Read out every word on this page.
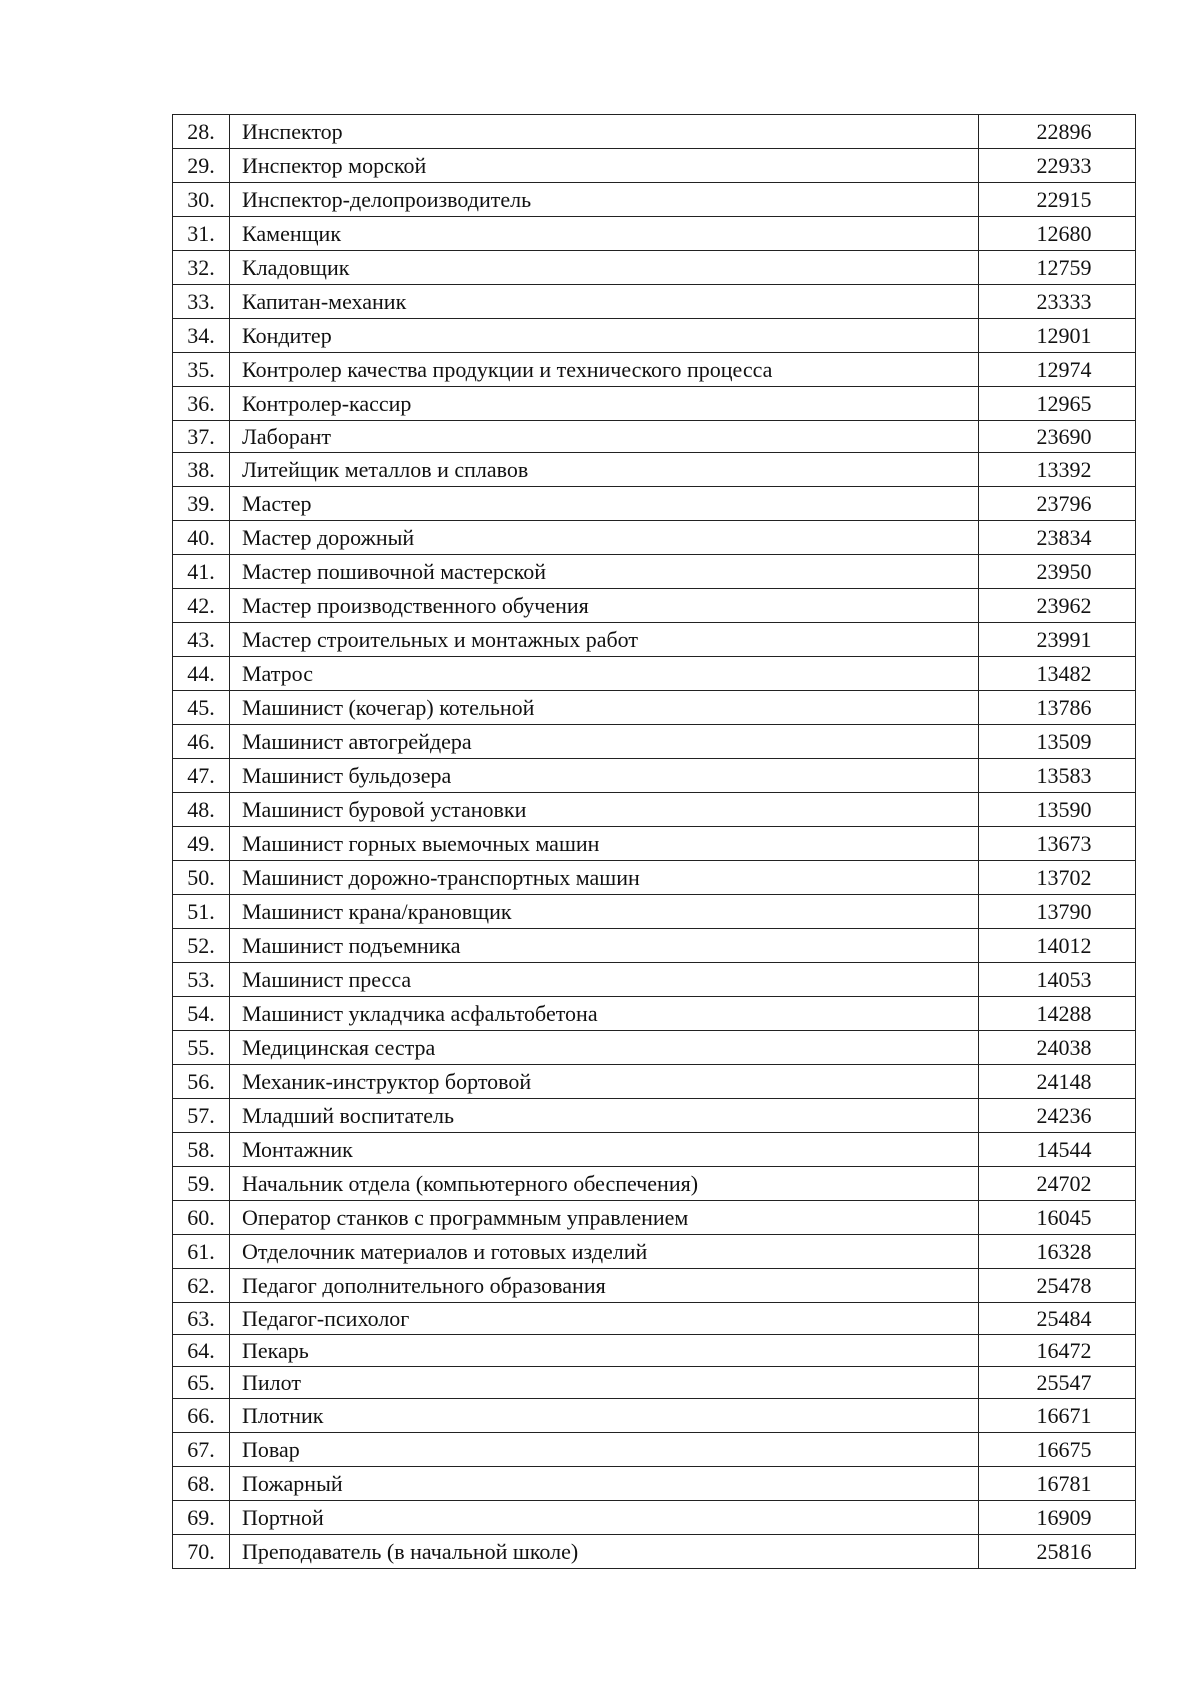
28.	Инспектор	22896
29.	Инспектор морской	22933
30.	Инспектор-делопроизводитель	22915
31.	Каменщик	12680
32.	Кладовщик	12759
33.	Капитан-механик	23333
34.	Кондитер	12901
35.	Контролер качества продукции и технического процесса	12974
36.	Контролер-кассир	12965
37.	Лаборант	23690
38.	Литейщик металлов и сплавов	13392
39.	Мастер	23796
40.	Мастер дорожный	23834
41.	Мастер пошивочной мастерской	23950
42.	Мастер производственного обучения	23962
43.	Мастер строительных и монтажных работ	23991
44.	Матрос	13482
45.	Машинист (кочегар) котельной	13786
46.	Машинист автогрейдера	13509
47.	Машинист бульдозера	13583
48.	Машинист буровой установки	13590
49.	Машинист горных выемочных машин	13673
50.	Машинист дорожно-транспортных машин	13702
51.	Машинист крана/крановщик	13790
52.	Машинист подъемника	14012
53.	Машинист пресса	14053
54.	Машинист укладчика асфальтобетона	14288
55.	Медицинская сестра	24038
56.	Механик-инструктор бортовой	24148
57.	Младший воспитатель	24236
58.	Монтажник	14544
59.	Начальник отдела (компьютерного обеспечения)	24702
60.	Оператор станков с программным управлением	16045
61.	Отделочник материалов и готовых изделий	16328
62.	Педагог дополнительного образования	25478
63.	Педагог-психолог	25484
64.	Пекарь	16472
65.	Пилот	25547
66.	Плотник	16671
67.	Повар	16675
68.	Пожарный	16781
69.	Портной	16909
70.	Преподаватель (в начальной школе)	25816
